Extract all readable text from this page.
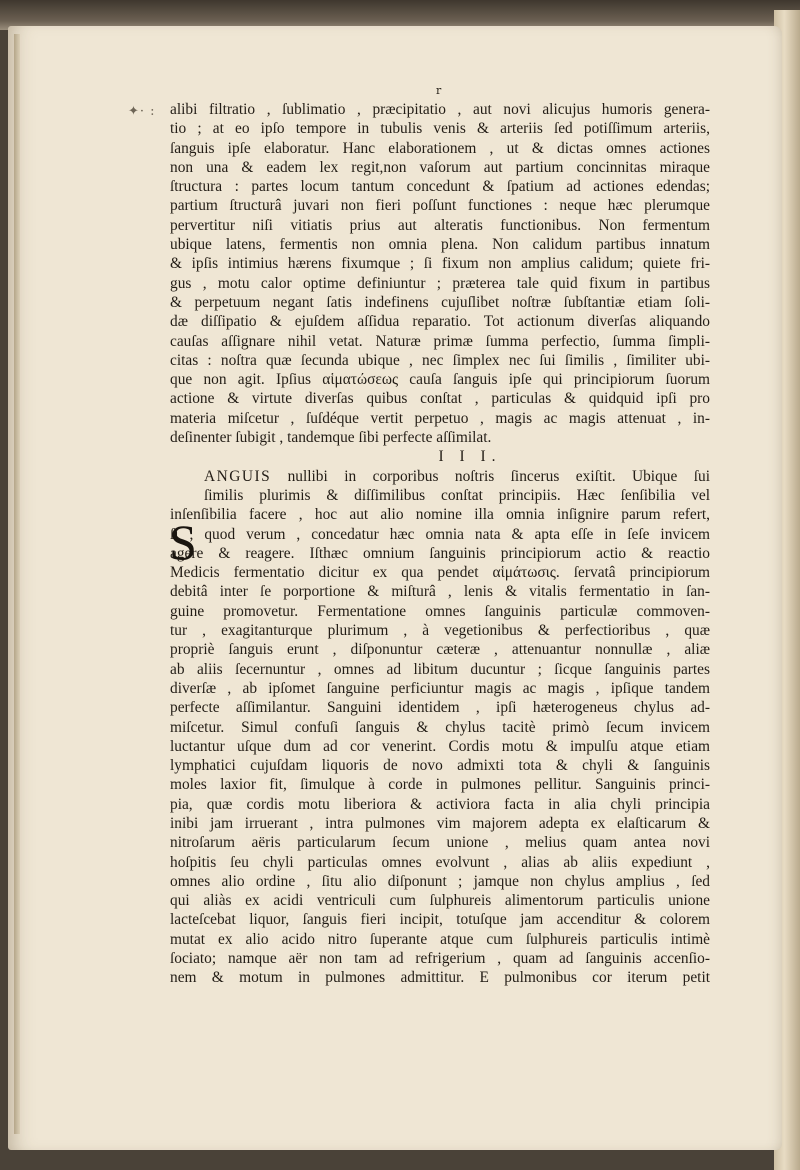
r
✦· : alibi filtratio , ſublimatio , præcipitatio , aut novi alicujus humoris genera-
tio ; at eo ipſo tempore in tubulis venis & arteriis ſed potiſſimum arteriis,
ſanguis ipſe elaboratur. Hanc elaborationem , ut & dictas omnes actiones
non una & eadem lex regit,non vaſorum aut partium concinnitas miraque
ſtructura : partes locum tantum concedunt & ſpatium ad actiones edendas;
partium ſtructurâ juvari non fieri poſſunt functiones : neque hæc plerumque
pervertitur niſi vitiatis prius aut alteratis functionibus. Non fermentum
ubique latens, fermentis non omnia plena. Non calidum partibus innatum
& ipſis intimius hærens fixumque ; ſi fixum non amplius calidum; quiete fri-
gus , motu calor optime definiuntur ; præterea tale quid fixum in partibus
& perpetuum negant ſatis indefinens cujuſlibet noſtræ ſubſtantiæ etiam ſoli-
dæ diſſipatio & ejuſdem aſſidua reparatio. Tot actionum diverſas aliquando
cauſas aſſignare nihil vetat. Naturæ primæ ſumma perfectio, ſumma ſimpli-
citas : noſtra quæ ſecunda ubique , nec ſimplex nec ſui ſimilis , ſimiliter ubi-
que non agit. Ipſius αἱματώσεως cauſa ſanguis ipſe qui principiorum ſuorum
actione & virtute diverſas quibus conſtat , particulas & quidquid ipſi pro
materia miſcetur , ſuſdéque vertit perpetuo , magis ac magis attenuat , in-
deſinenter ſubigit , tandemque ſibi perfecte aſſimilat.
I I I.
S
ANGUIS nullibi in corporibus noſtris ſincerus exiſtit. Ubique ſui
ſimilis plurimis & diſſimilibus conſtat principiis. Hæc ſenſibilia vel
inſenſibilia facere , hoc aut alio nomine illa omnia inſignire parum refert,
ſi , quod verum , concedatur hæc omnia nata & apta eſſe in ſeſe invicem
agere & reagere. Iſthæc omnium ſanguinis principiorum actio & reactio
Medicis fermentatio dicitur ex qua pendet αἱμάτωσις. ſervatâ principiorum
debitâ inter ſe porportione & miſturâ , lenis & vitalis fermentatio in ſan-
guine promovetur. Fermentatione omnes ſanguinis particulæ commoven-
tur , exagitanturque plurimum , à vegetionibus & perfectioribus , quæ
propriè ſanguis erunt , diſponuntur cæteræ , attenuantur nonnullæ , aliæ
ab aliis ſecernuntur , omnes ad libitum ducuntur ; ſicque ſanguinis partes
diverſæ , ab ipſomet ſanguine perficiuntur magis ac magis , ipſique tandem
perfecte aſſimilantur. Sanguini identidem , ipſi hæterogeneus chylus ad-
miſcetur. Simul confuſi ſanguis & chylus tacitè primò ſecum invicem
luctantur uſque dum ad cor venerint. Cordis motu & impulſu atque etiam
lymphatici cujuſdam liquoris de novo admixti tota & chyli & ſanguinis
moles laxior fit, ſimulque à corde in pulmones pellitur. Sanguinis princi-
pia, quæ cordis motu liberiora & activiora facta in alia chyli principia
inibi jam irruerant , intra pulmones vim majorem adepta ex elaſticarum &
nitroſarum aëris particularum ſecum unione , melius quam antea novi
hoſpitis ſeu chyli particulas omnes evolvunt , alias ab aliis expediunt ,
omnes alio ordine , ſitu alio diſponunt ; jamque non chylus amplius , ſed
qui aliàs ex acidi ventriculi cum ſulphureis alimentorum particulis unione
lacteſcebat liquor, ſanguis fieri incipit, totuſque jam accenditur & colorem
mutat ex alio acido nitro ſuperante atque cum ſulphureis particulis intimè
ſociato; namque aër non tam ad refrigerium , quam ad ſanguinis accenſio-
nem & motum in pulmones admittitur. E pulmonibus cor iterum petit
